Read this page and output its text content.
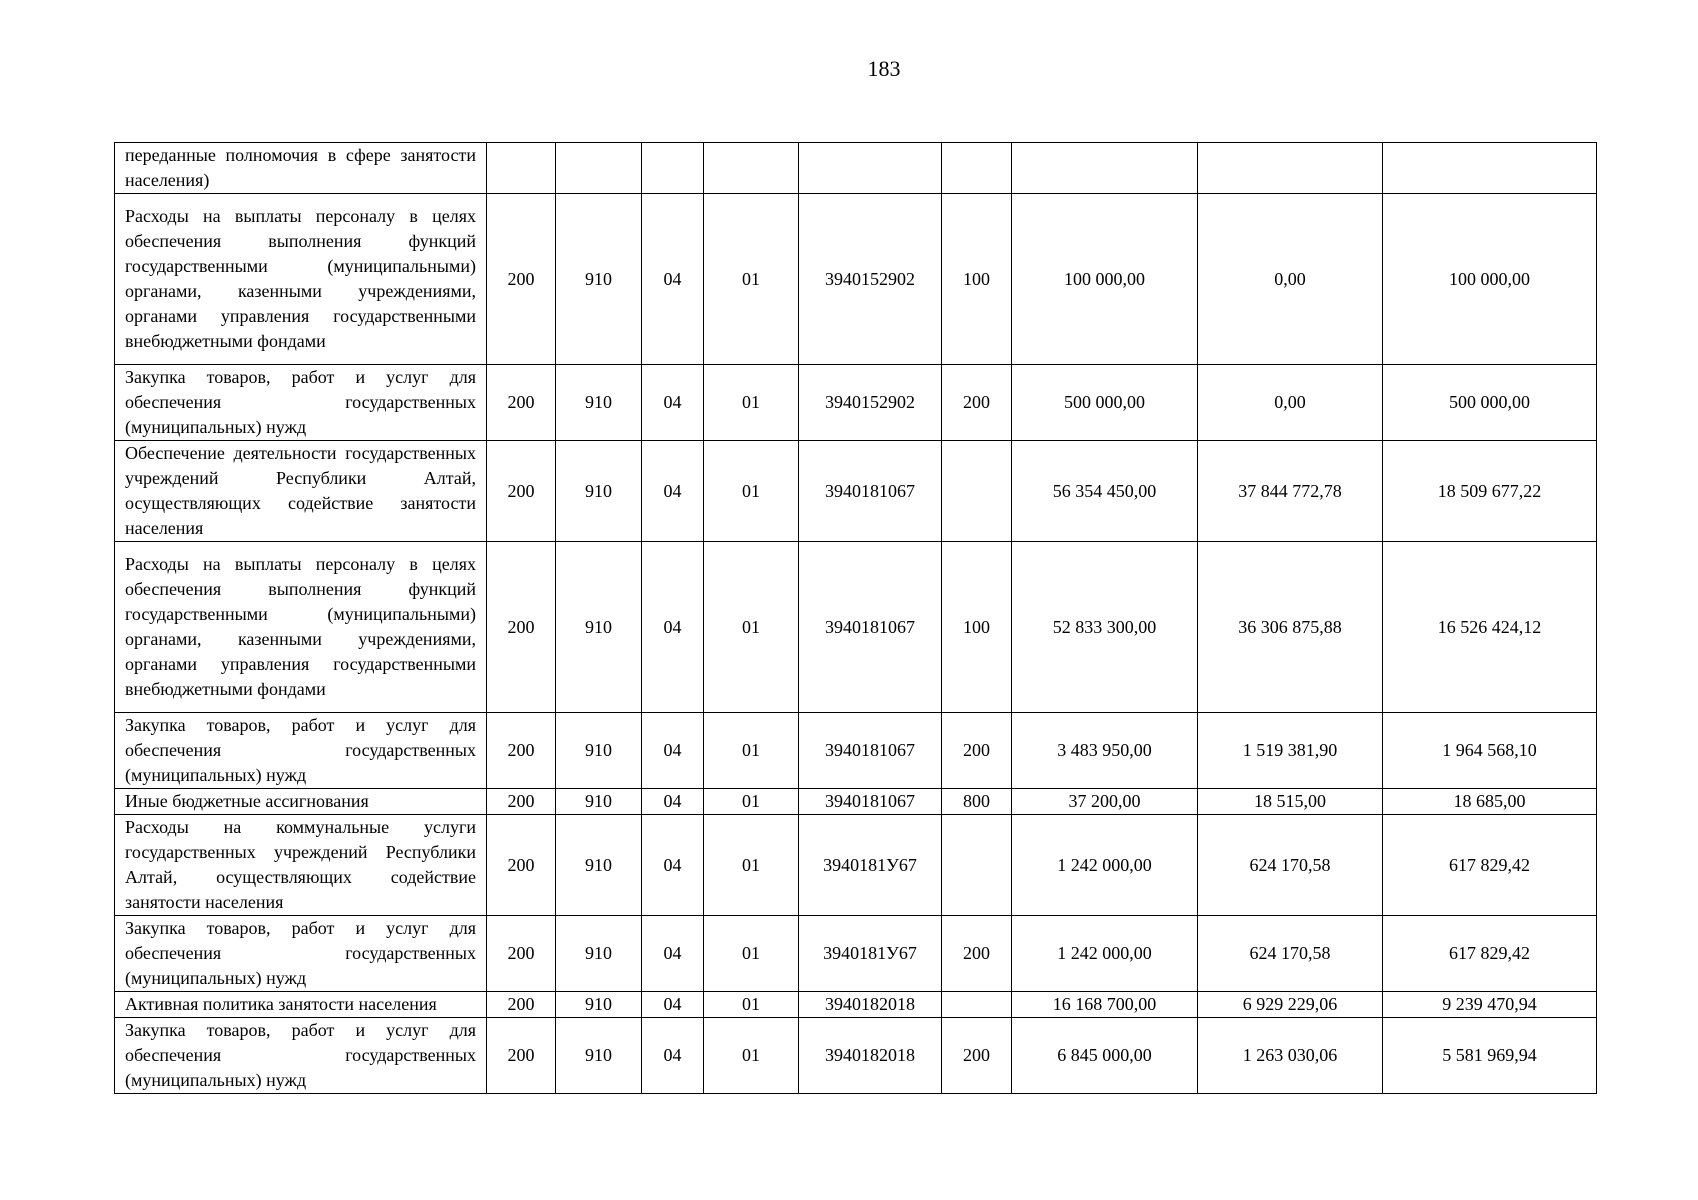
183
переданные полномочия в сфере занятости населения)									
Расходы на выплаты персоналу в целях обеспечения выполнения функций государственными (муниципальными) органами, казенными учреждениями, органами управления государственными внебюджетными фондами	200	910	04	01	3940152902	100	100 000,00	0,00	100 000,00
Закупка товаров, работ и услуг для обеспечения государственных (муниципальных) нужд	200	910	04	01	3940152902	200	500 000,00	0,00	500 000,00
Обеспечение деятельности государственных учреждений Республики Алтай, осуществляющих содействие занятости населения	200	910	04	01	3940181067		56 354 450,00	37 844 772,78	18 509 677,22
Расходы на выплаты персоналу в целях обеспечения выполнения функций государственными (муниципальными) органами, казенными учреждениями, органами управления государственными внебюджетными фондами	200	910	04	01	3940181067	100	52 833 300,00	36 306 875,88	16 526 424,12
Закупка товаров, работ и услуг для обеспечения государственных (муниципальных) нужд	200	910	04	01	3940181067	200	3 483 950,00	1 519 381,90	1 964 568,10
Иные бюджетные ассигнования	200	910	04	01	3940181067	800	37 200,00	18 515,00	18 685,00
Расходы на коммунальные услуги государственных учреждений Республики Алтай, осуществляющих содействие занятости населения	200	910	04	01	3940181У67		1 242 000,00	624 170,58	617 829,42
Закупка товаров, работ и услуг для обеспечения государственных (муниципальных) нужд	200	910	04	01	3940181У67	200	1 242 000,00	624 170,58	617 829,42
Активная политика занятости населения	200	910	04	01	3940182018		16 168 700,00	6 929 229,06	9 239 470,94
Закупка товаров, работ и услуг для обеспечения государственных (муниципальных) нужд	200	910	04	01	3940182018	200	6 845 000,00	1 263 030,06	5 581 969,94
